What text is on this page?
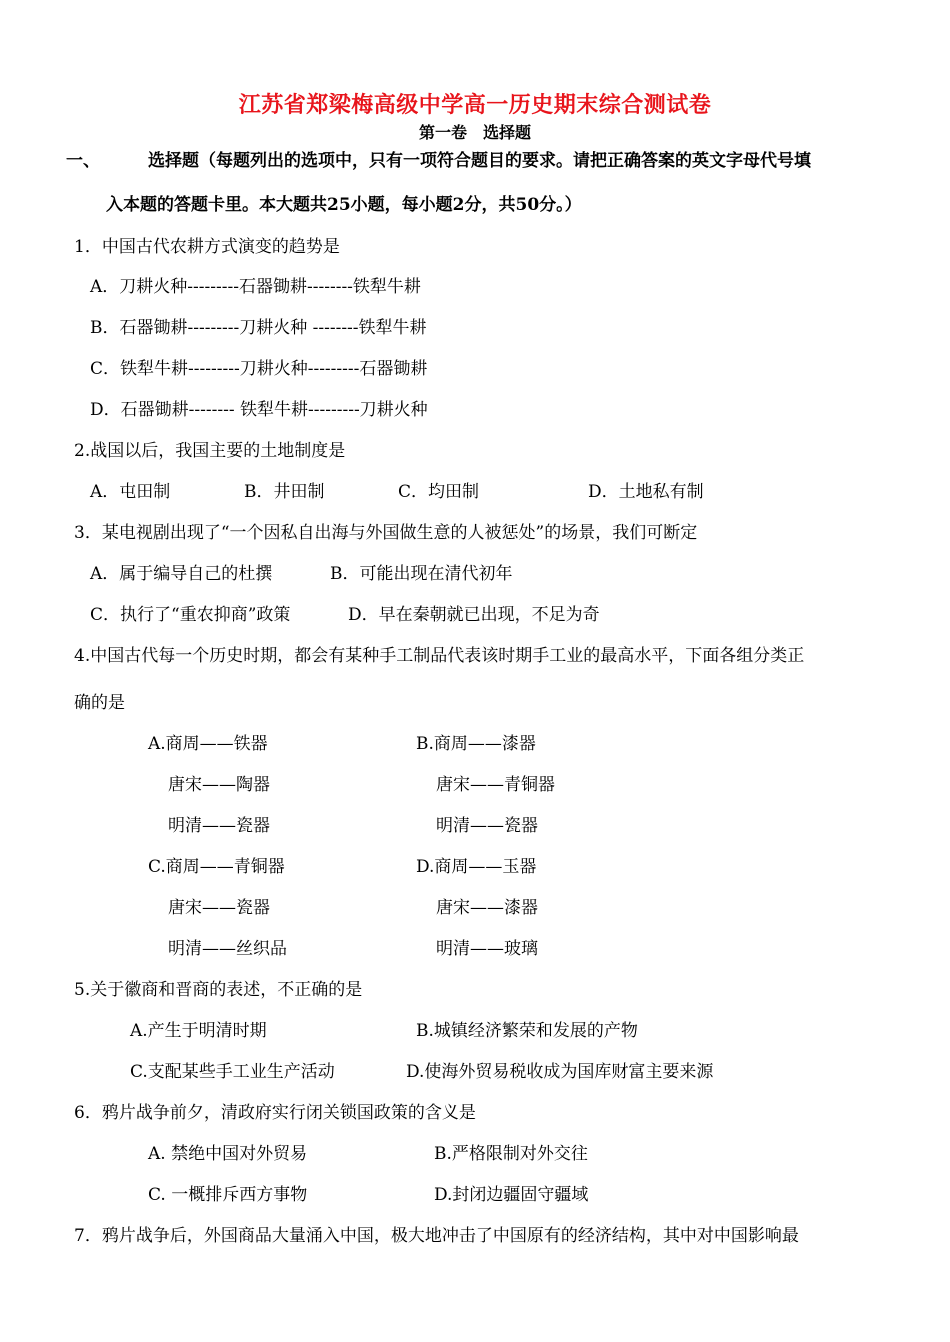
江苏省郑梁梅高级中学高一历史期末综合测试卷
第一卷　选择题
一、	选择题（每题列出的选项中，只有一项符合题目的要求。请把正确答案的英文字母代号填
入本题的答题卡里。本大题共25小题，每小题2分，共50分。）
1．中国古代农耕方式演变的趋势是
A．刀耕火种---------石器锄耕--------铁犁牛耕
B．石器锄耕---------刀耕火种 --------铁犁牛耕
C．铁犁牛耕---------刀耕火种---------石器锄耕
D．石器锄耕-------- 铁犁牛耕---------刀耕火种
2.战国以后，我国主要的土地制度是
A．屯田制	B．井田制	C．均田制	D．土地私有制
3．某电视剧出现了“一个因私自出海与外国做生意的人被惩处”的场景，我们可断定
A．属于编导自己的杜撰	B．可能出现在清代初年
C．执行了“重农抑商”政策	D．早在秦朝就已出现，不足为奇
4.中国古代每一个历史时期，都会有某种手工制品代表该时期手工业的最高水平，下面各组分类正
确的是
A.商周——铁器
唐宋——陶器
明清——瓷器
B.商周——漆器
唐宋——青铜器
明清——瓷器
C.商周——青铜器
唐宋——瓷器
明清——丝织品
D.商周——玉器
唐宋——漆器
明清——玻璃
5.关于徽商和晋商的表述，不正确的是
A.产生于明清时期	B.城镇经济繁荣和发展的产物
C.支配某些手工业生产活动	D.使海外贸易税收成为国库财富主要来源
6．鸦片战争前夕，清政府实行闭关锁国政策的含义是
A. 禁绝中国对外贸易	B.严格限制对外交往
C. 一概排斥西方事物	D.封闭边疆固守疆域
7．鸦片战争后，外国商品大量涌入中国，极大地冲击了中国原有的经济结构，其中对中国影响最
